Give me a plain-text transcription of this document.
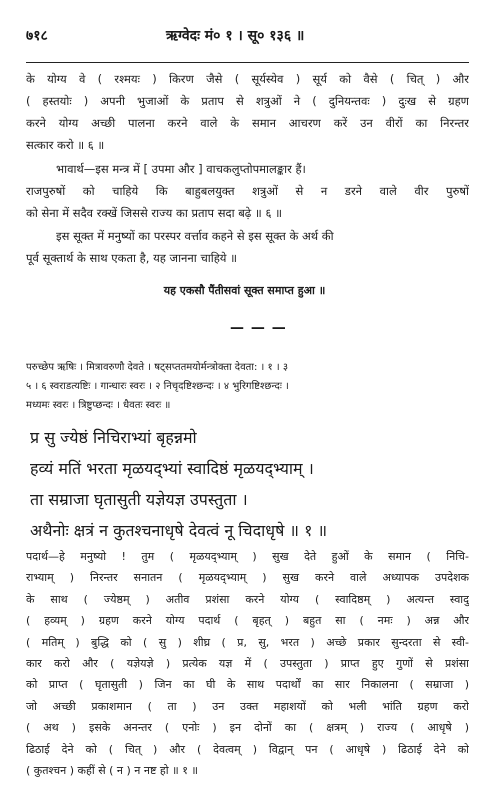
७१८	ऋग्वेदः मं० १ । सू० १३६ ॥
के योग्य वे ( रश्मयः ) किरण जैसे ( सूर्यस्येव ) सूर्य को वैसे ( चित् ) और
( हस्तयोः ) अपनी भुजाओं के प्रताप से शत्रुओं ने ( दुनियन्तवः ) दुःख से ग्रहण
करने योग्य अच्छी पालना करने वाले के समान आचरण करें उन वीरों का निरन्तर
सत्कार करो ॥ ६ ॥
भावार्थ—इस मन्त्र में [ उपमा और ] वाचकलुप्तोपमालङ्कार हैं।
राजपुरुषों को चाहिये कि बाहुबलयुक्त शत्रुओं से न डरने वाले वीर पुरुषों
को सेना में सदैव रक्खें जिससे राज्य का प्रताप सदा बढ़े ॥ ६ ॥
इस सूक्त में मनुष्यों का परस्पर वर्त्ताव कहने से इस सूक्त के अर्थ की
पूर्व सूक्तार्थ के साथ एकता है, यह जानना चाहिये ॥
यह एकसौ पैंतीसवां सूक्त समाप्त हुआ ॥
— — —
परुच्छेप ऋषिः । मित्रावरुणौ देवते । षट्सप्ततमयोर्मन्त्रोक्ता देवता: । १ । ३
५ । ६ स्वराडत्यष्टिः । गान्धारः स्वरः । २ निचृदष्टिश्छन्दः । ४ भुरिगष्टिश्छन्दः ।
मध्यमः स्वरः । त्रिष्टुप्छन्दः । धैवतः स्वरः ॥
प्र सु ज्येष्ठं निचिराभ्यां बृहन्नमो
हव्यं मतिं भरता मृळयद्भ्यां स्वादिष्ठं मृळयद्भ्याम् ।
ता सम्राजा घृतासुती यज्ञेयज्ञ उपस्तुता ।
अथैनोः क्षत्रं न कुतश्चनाधृषे देवत्वं नू चिदाधृषे ॥ १ ॥
पदार्थ—हे मनुष्यो ! तुम ( मृळयद्भ्याम् ) सुख देते हुओं के समान ( निचि-
राभ्याम् ) निरन्तर सनातन ( मृळयद्भ्याम् ) सुख करने वाले अध्यापक उपदेशक
के साथ ( ज्येष्ठम् ) अतीव प्रशंसा करने योग्य ( स्वादिष्ठम् ) अत्यन्त स्वादु
( हव्यम् ) ग्रहण करने योग्य पदार्थ ( बृहत् ) बहुत सा ( नमः ) अन्न और
( मतिम् ) बुद्धि को ( सु ) शीघ्र ( प्र, सु, भरत ) अच्छे प्रकार सुन्दरता से स्वी-
कार करो और ( यज्ञेयज्ञे ) प्रत्येक यज्ञ में ( उपस्तुता ) प्राप्त हुए गुणों से प्रशंसा
को प्राप्त ( घृतासुती ) जिन का घी के साथ पदार्थों का सार निकालना ( सम्राजा )
जो अच्छी प्रकाशमान ( ता ) उन उक्त महाशयों को भली भांति ग्रहण करो
( अथ ) इसके अनन्तर ( एनोः ) इन दोनों का ( क्षत्रम् ) राज्य ( आधृषे )
ढिठाई देने को ( चित् ) और ( देवत्वम् ) विद्वान् पन ( आधृषे ) ढिठाई देने को
( कुतश्चन ) कहीं से ( न ) न नष्ट हो ॥ १ ॥
